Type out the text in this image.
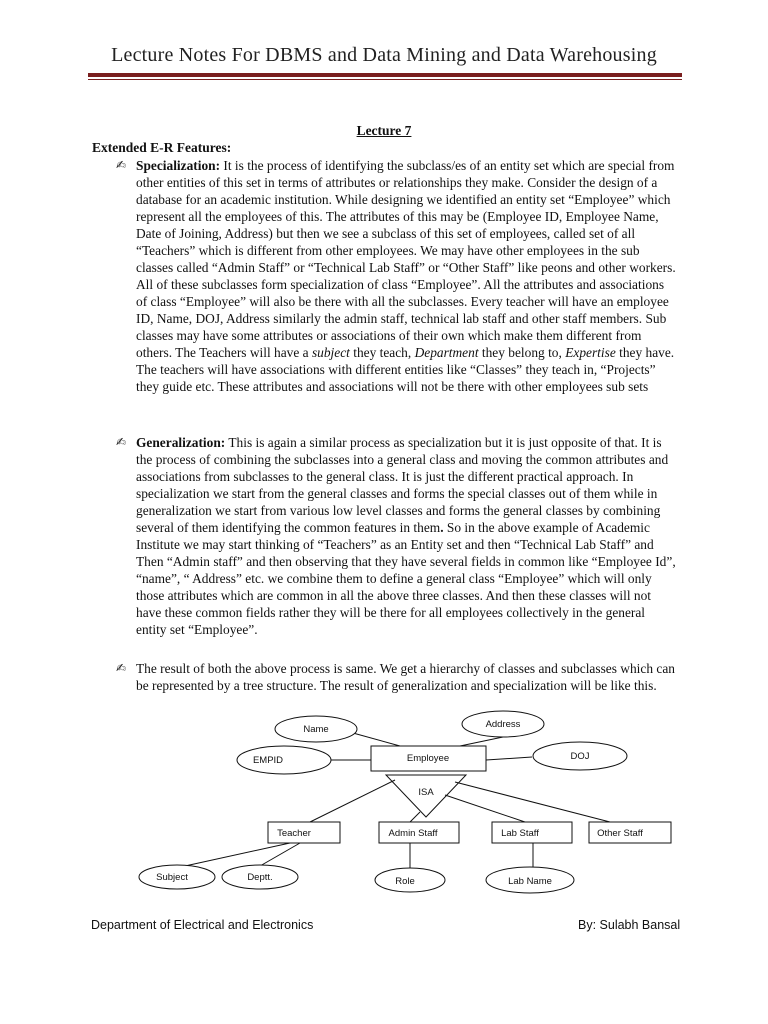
Lecture Notes For DBMS and Data Mining and Data Warehousing
Lecture 7
Extended E-R Features:
✍ Specialization: It is the process of identifying the subclass/es of an entity set which are special from other entities of this set in terms of attributes or relationships they make. Consider the design of a database for an academic institution. While designing we identified an entity set “Employee” which represent all the employees of this. The attributes of this may be (Employee ID, Employee Name, Date of Joining, Address) but then we see a subclass of this set of employees, called set of all “Teachers” which is different from other employees. We may have other employees in the sub classes called “Admin Staff” or “Technical Lab Staff” or “Other Staff” like peons and other workers. All of these subclasses form specialization of class “Employee”. All the attributes and associations of class “Employee” will also be there with all the subclasses. Every teacher will have an employee ID, Name, DOJ, Address similarly the admin staff, technical lab staff and other staff members. Sub classes may have some attributes or associations of their own which make them different from others. The Teachers will have a subject they teach, Department they belong to, Expertise they have. The teachers will have associations with different entities like “Classes” they teach in, “Projects” they guide etc. These attributes and associations will not be there with other employees sub sets
✍ Generalization: This is again a similar process as specialization but it is just opposite of that. It is the process of combining the subclasses into a general class and moving the common attributes and associations from subclasses to the general class. It is just the different practical approach. In specialization we start from the general classes and forms the special classes out of them while in generalization we start from various low level classes and forms the general classes by combining several of them identifying the common features in them. So in the above example of Academic Institute we may start thinking of “Teachers” as an Entity set and then “Technical Lab Staff” and Then “Admin staff” and then observing that they have several fields in common like “Employee Id”, “name”, “ Address” etc. we combine them to define a general class “Employee” which will only those attributes which are common in all the above three classes. And then these classes will not have these common fields rather they will be there for all employees collectively in the general entity set “Employee”.
✍ The result of both the above process is same. We get a hierarchy of classes and subclasses which can be represented by a tree structure. The result of generalization and specialization will be like this.
Name	Address
EMPID	DOJ
Employee
ISA
Teacher	Admin Staff	Lab Staff	Other Staff
Subject	Deptt.	Role	Lab Name
Department of Electrical and Electronics	By: Sulabh Bansal
